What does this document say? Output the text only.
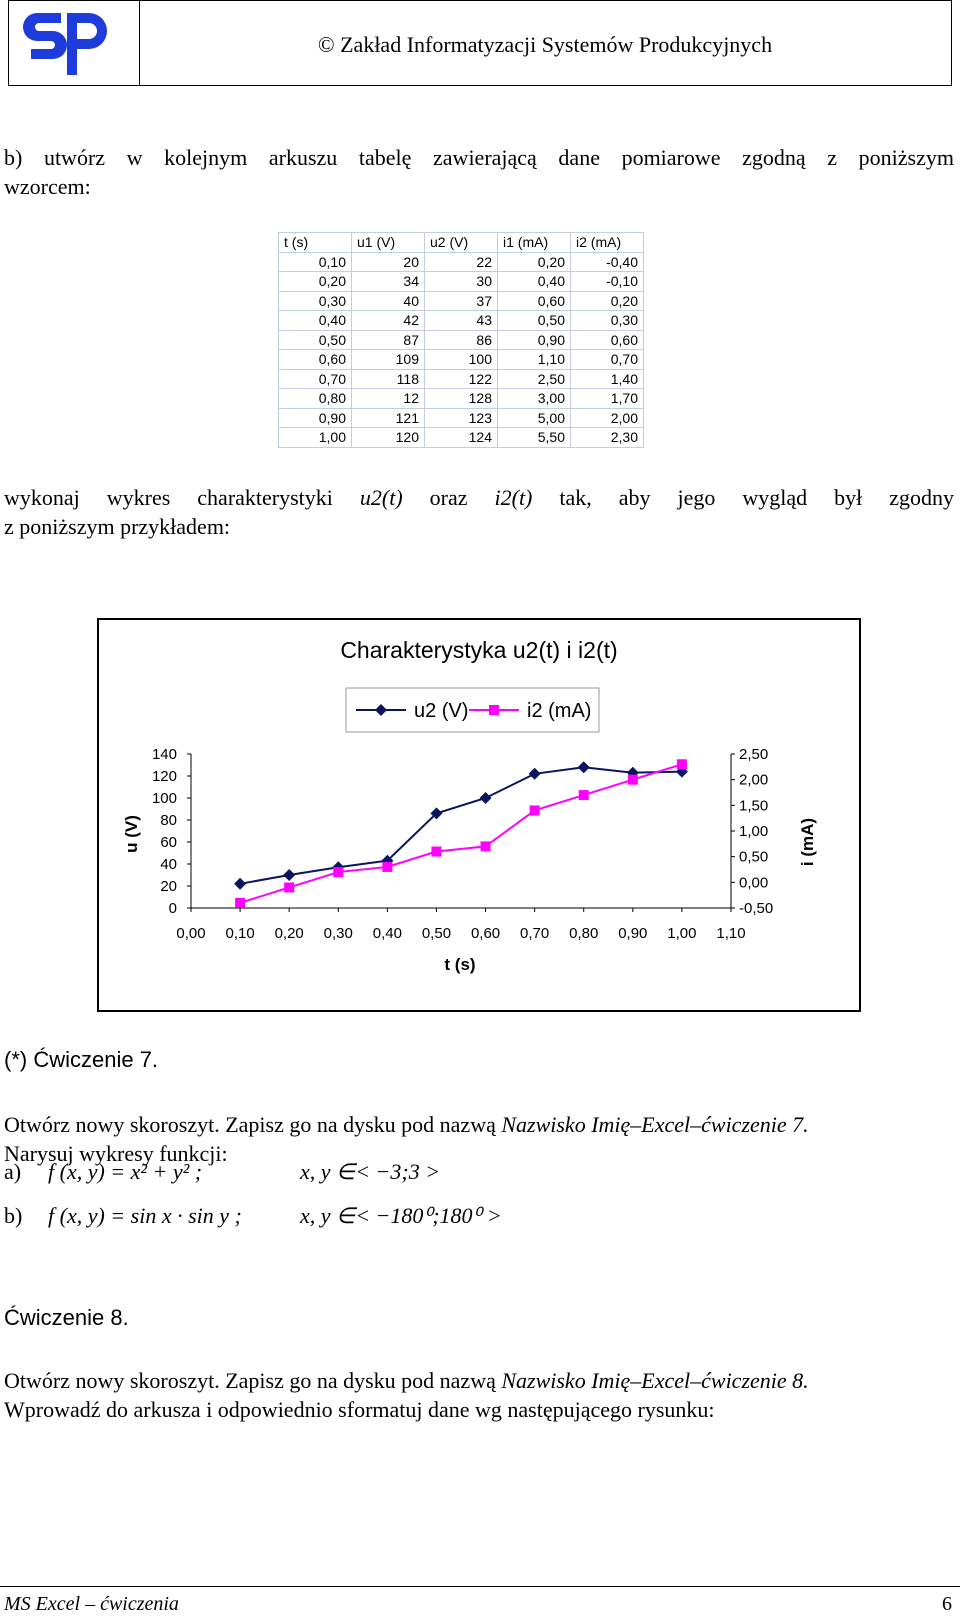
© Zakład Informatyzacji Systemów Produkcyjnych
b) utwórz w kolejnym arkuszu tabelę zawierającą dane pomiarowe zgodną z poniższym
wzorcem:
t (s)	u1 (V)	u2 (V)	i1 (mA)	i2 (mA)
0,10	20	22	0,20	-0,40
0,20	34	30	0,40	-0,10
0,30	40	37	0,60	0,20
0,40	42	43	0,50	0,30
0,50	87	86	0,90	0,60
0,60	109	100	1,10	0,70
0,70	118	122	2,50	1,40
0,80	12	128	3,00	1,70
0,90	121	123	5,00	2,00
1,00	120	124	5,50	2,30
wykonaj wykres charakterystyki u2(t) oraz i2(t) tak, aby jego wygląd był zgodny
z poniższym przykładem:
Charakterystyka u2(t) i i2(t)
u2 (V)	i2 (mA)
u (V)	i (mA)
t (s)
0
20
40
60
80
100
120
140
-0,50
0,00
0,50
1,00
1,50
2,00
2,50
0,00 0,10 0,20 0,30 0,40 0,50 0,60 0,70 0,80 0,90 1,00 1,10
(*) Ćwiczenie 7.
Otwórz nowy skoroszyt. Zapisz go na dysku pod nazwą Nazwisko Imię–Excel–ćwiczenie 7.
Narysuj wykresy funkcji:
a) f (x, y) = x² + y² ;	x, y ∈< −3;3 >
b) f (x, y) = sin x · sin y ;	x, y ∈< −180⁰;180⁰ >
Ćwiczenie 8.
Otwórz nowy skoroszyt. Zapisz go na dysku pod nazwą Nazwisko Imię–Excel–ćwiczenie 8.
Wprowadź do arkusza i odpowiednio sformatuj dane wg następującego rysunku:
MS Excel – ćwiczenia	6
